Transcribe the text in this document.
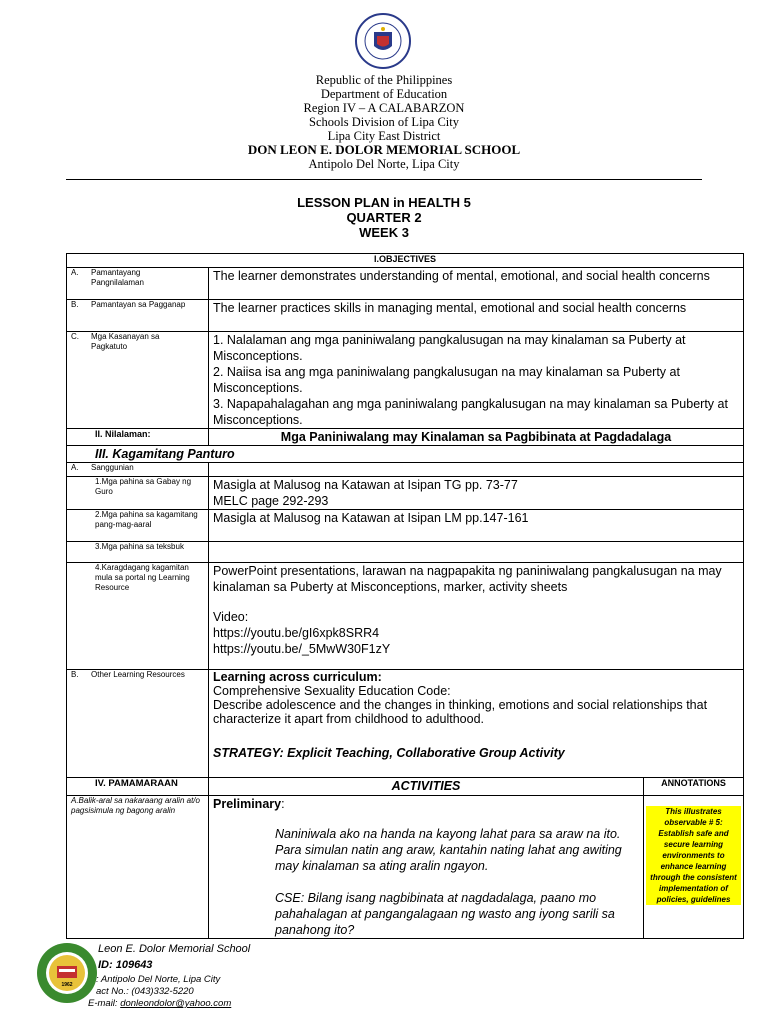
Republic of the Philippines
Department of Education
Region IV – A CALABARZON
Schools Division of Lipa City
Lipa City East District
DON LEON E. DOLOR MEMORIAL SCHOOL
Antipolo Del Norte, Lipa City
LESSON PLAN in HEALTH 5
QUARTER 2
WEEK 3
I.OBJECTIVES		
A. Pamantayang Pangnilalaman	The learner demonstrates understanding of mental, emotional, and social health concerns	
B. Pamantayan sa Pagganap	The learner practices skills in managing mental, emotional and social health concerns	
C. Mga Kasanayan sa Pagkatuto	1. Nalalaman ang mga paniniwalang pangkalusugan na may kinalaman sa Puberty at Misconceptions.
2. Naiisa isa ang mga paniniwalang pangkalusugan na may kinalaman sa Puberty at Misconceptions.
3. Napapahalagahan ang mga paniniwalang pangkalusugan na may kinalaman sa Puberty at Misconceptions.	

II. Nilalaman:	Mga Paniniwalang may Kinalaman sa Pagbibinata at Pagdadalaga	
III. Kagamitang Panturo		
A. Sanggunian		
1.Mga pahina sa Gabay ng Guro	Masigla at Malusog na Katawan at Isipan TG pp. 73-77
MELC page 292-293	

2.Mga pahina sa kagamitang pang-mag-aaral	Masigla at Malusog na Katawan at Isipan LM pp.147-161	
3.Mga pahina sa teksbuk		
4.Karagdagang kagamitan mula sa portal ng Learning Resource	PowerPoint presentations, larawan na nagpapakita ng paniniwalang pangkalusugan na may kinalaman sa Puberty at Misconceptions, marker, activity sheets
Video:
https://youtu.be/gI6xpk8SRR4
https://youtu.be/_5MwW30F1zY	

B. Other Learning Resources	Learning across curriculum:
Comprehensive Sexuality Education Code:
Describe adolescence and the changes in thinking, emotions and social relationships that characterize it apart from childhood to adulthood.
STRATEGY: Explicit Teaching, Collaborative Group Activity	

IV. PAMAMARAAN	ACTIVITIES	ANNOTATIONS
A.Balik-aral sa nakaraang aralin at/o pagsisimula ng bagong aralin	Preliminary:
Naniniwala ako na handa na kayong lahat para sa araw na ito. Para simulan natin ang araw, kantahin nating lahat ang awiting may kinalaman sa ating aralin ngayon.
CSE: Bilang isang nagbibinata at nagdadalaga, paano mo pahahalagan at pangangalagaan ng wasto ang iyong sarili sa panahong ito?	This illustrates observable # 5: Establish safe and secure learning environments to enhance learning through the consistent implementation of policies, guidelines
1962
Leon E. Dolor Memorial School
ID: 109643
: Antipolo Del Norte, Lipa City
act No.: (043)332-5220
E-mail: donleondolor@yahoo.com
